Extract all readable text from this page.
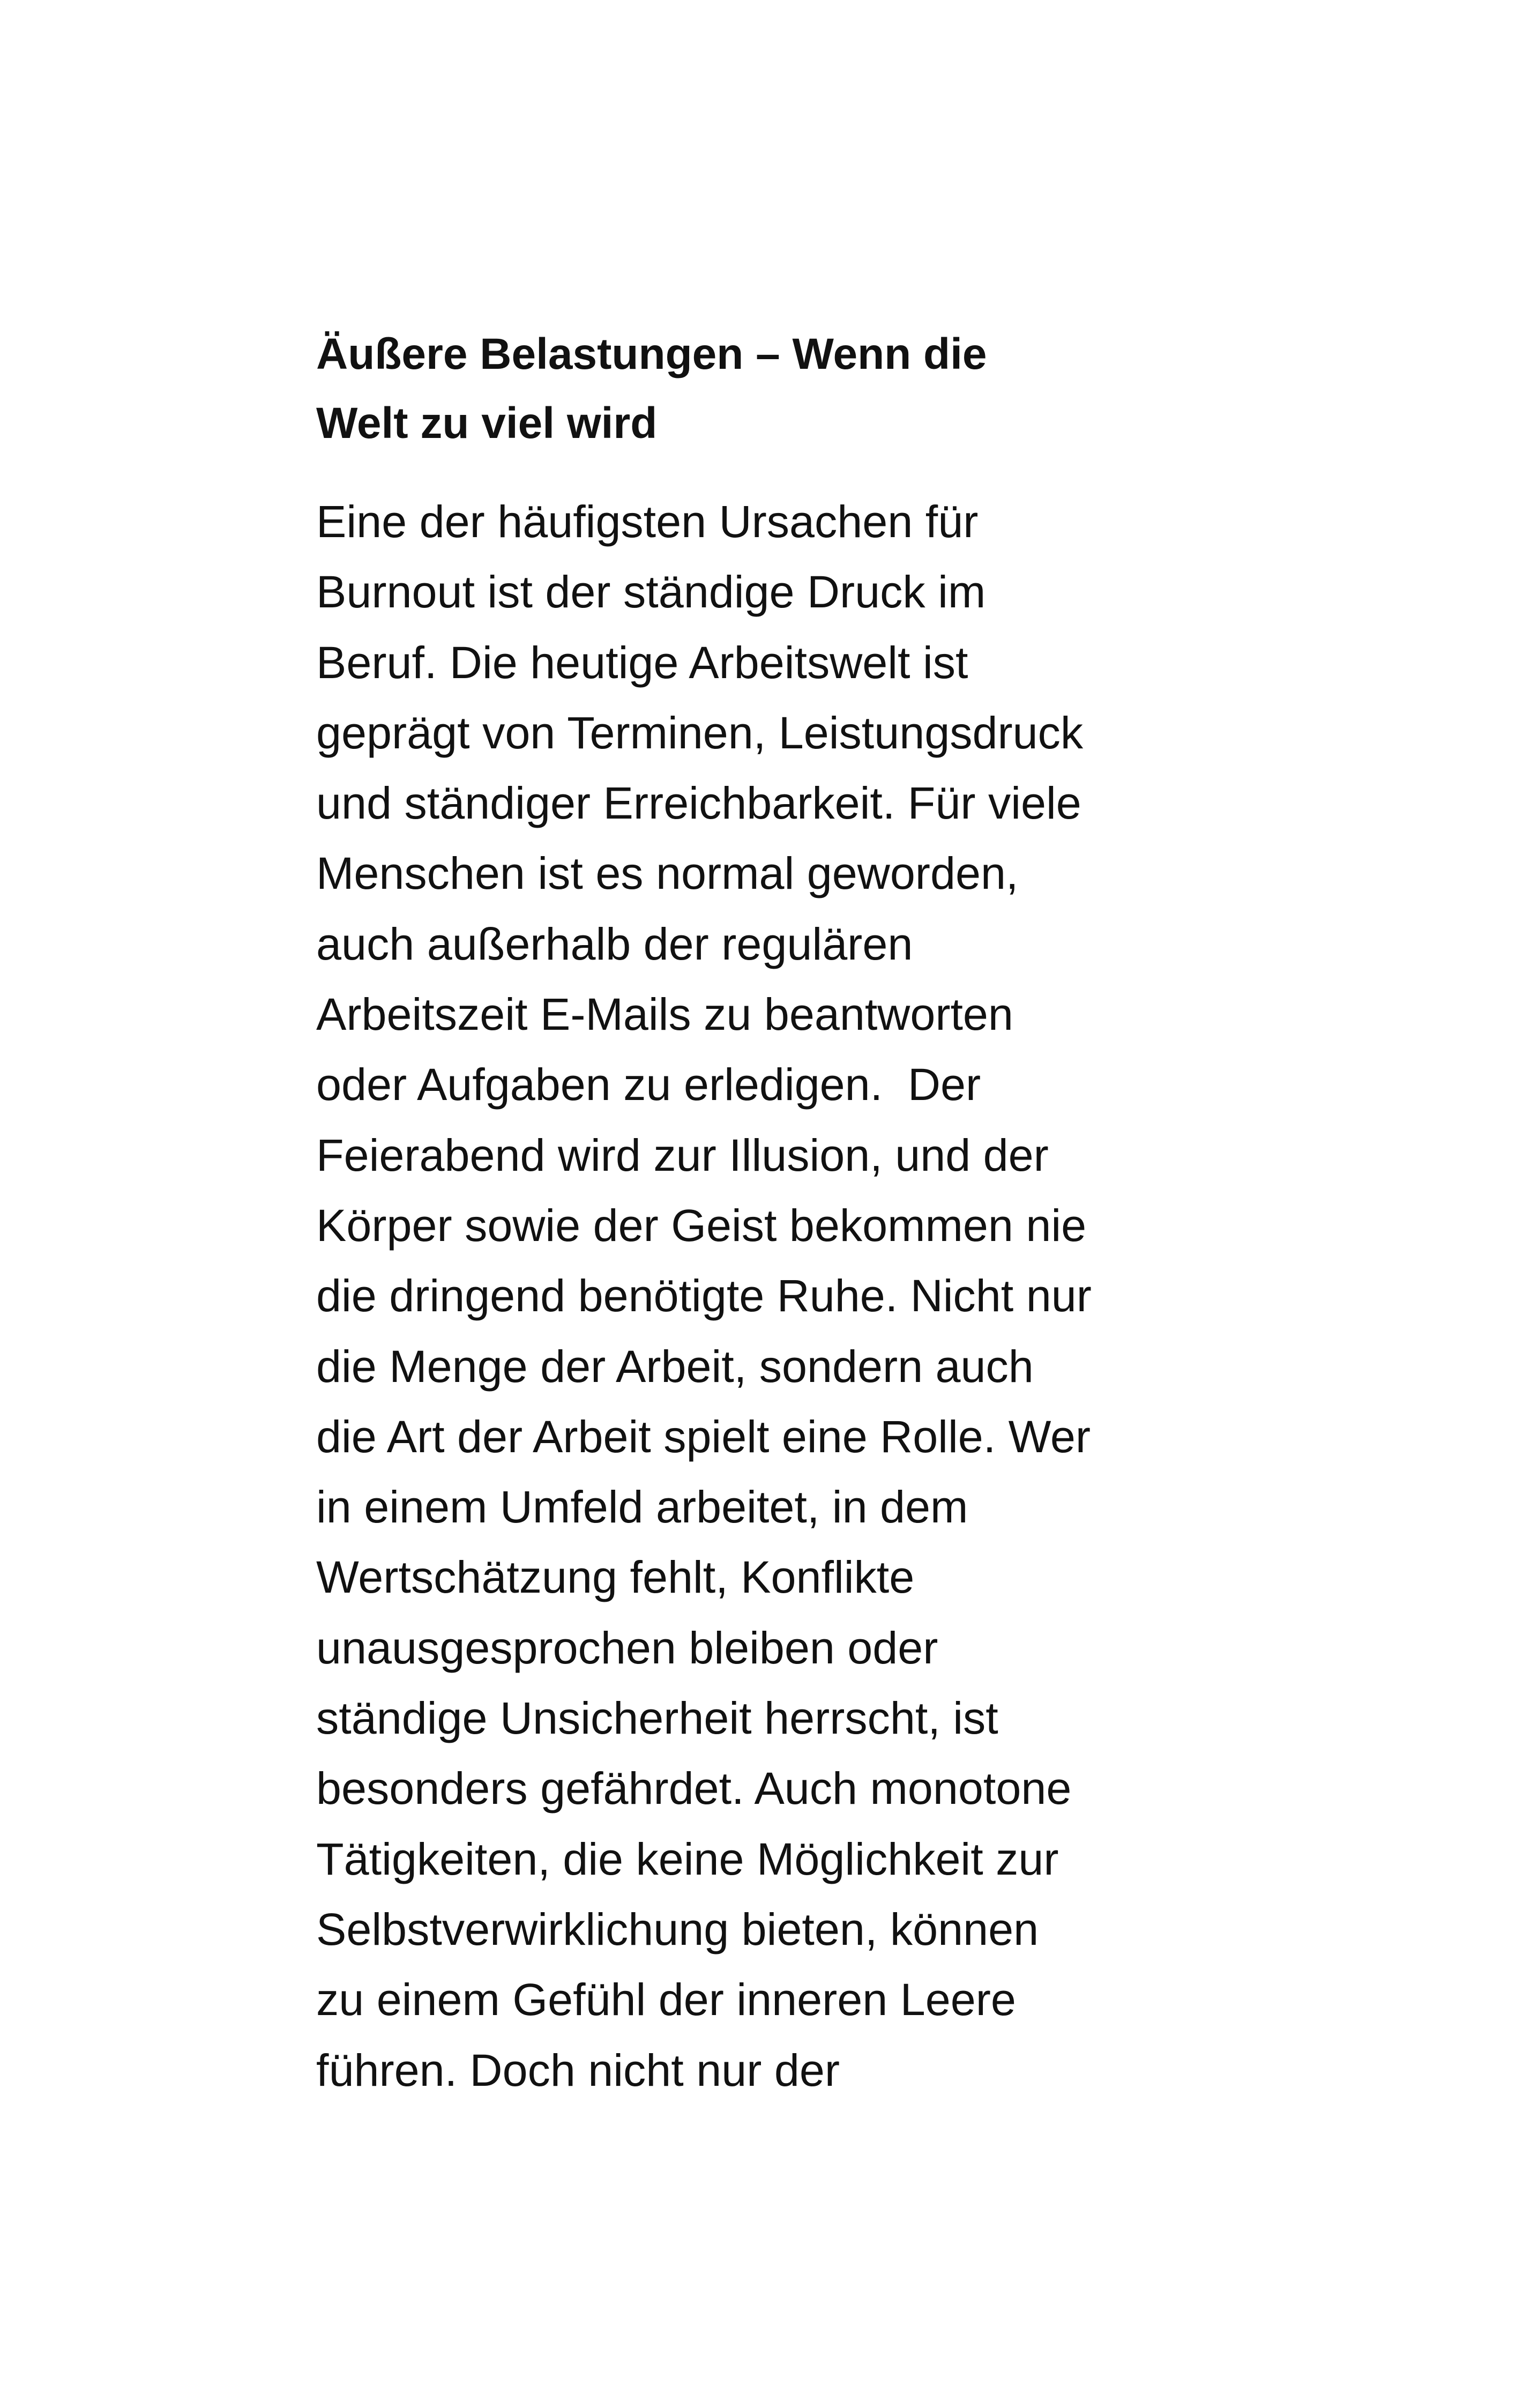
Äußere Belastungen – Wenn die
Welt zu viel wird

Eine der häufigsten Ursachen für
Burnout ist der ständige Druck im
Beruf. Die heutige Arbeitswelt ist
geprägt von Terminen, Leistungsdruck
und ständiger Erreichbarkeit. Für viele
Menschen ist es normal geworden,
auch außerhalb der regulären
Arbeitszeit E-Mails zu beantworten
oder Aufgaben zu erledigen.  Der
Feierabend wird zur Illusion, und der
Körper sowie der Geist bekommen nie
die dringend benötigte Ruhe. Nicht nur
die Menge der Arbeit, sondern auch
die Art der Arbeit spielt eine Rolle. Wer
in einem Umfeld arbeitet, in dem
Wertschätzung fehlt, Konflikte
unausgesprochen bleiben oder
ständige Unsicherheit herrscht, ist
besonders gefährdet. Auch monotone
Tätigkeiten, die keine Möglichkeit zur
Selbstverwirklichung bieten, können
zu einem Gefühl der inneren Leere
führen. Doch nicht nur der
